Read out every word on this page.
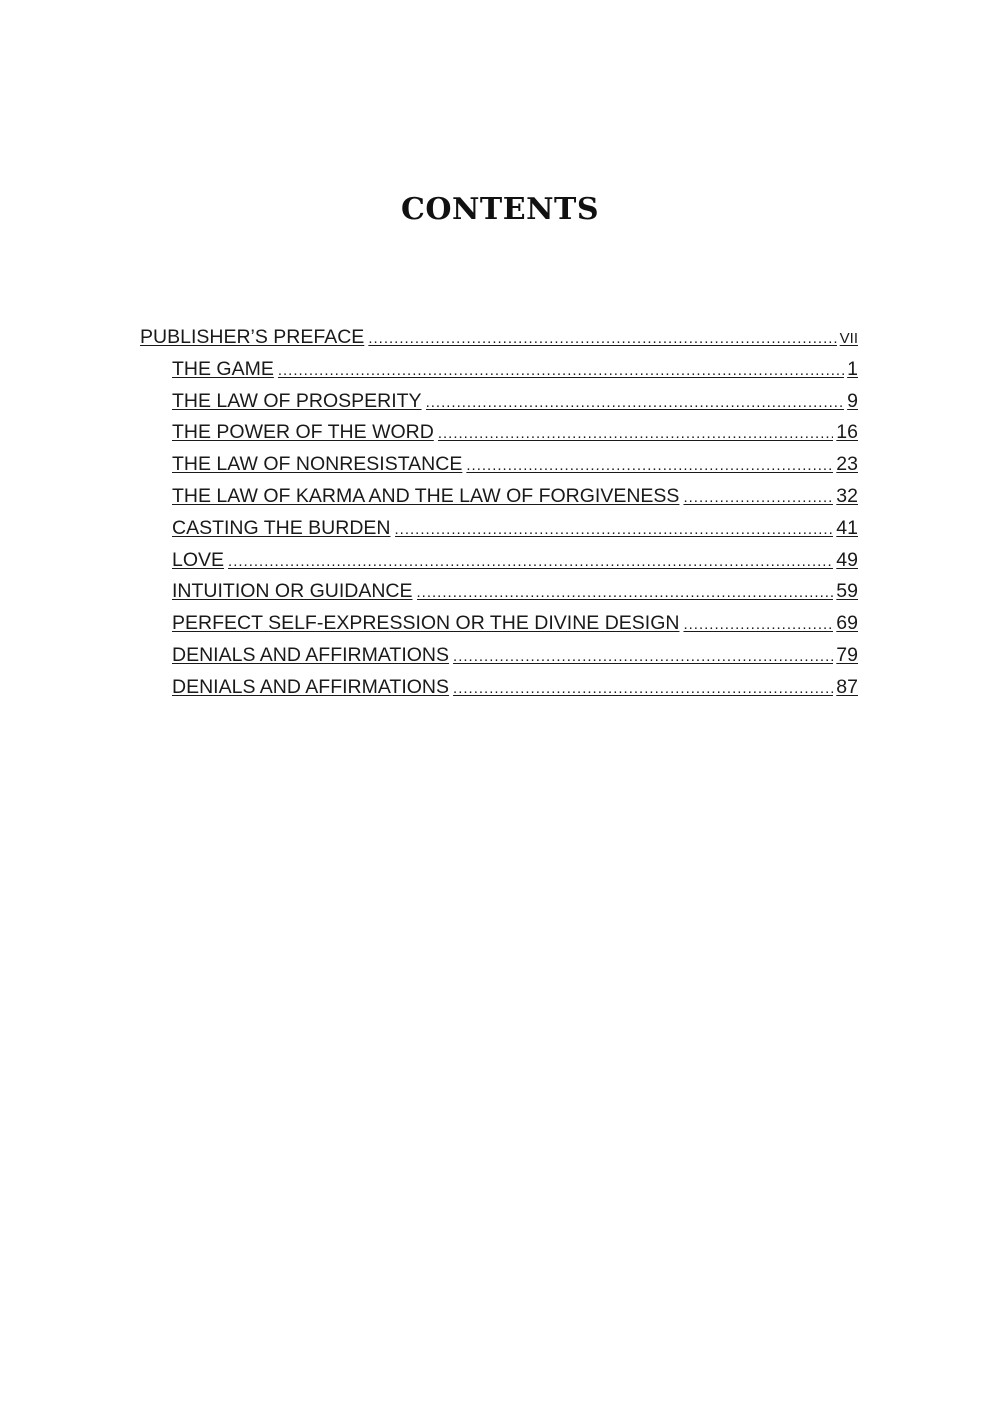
CONTENTS
PUBLISHER’S PREFACE .....	VII
THE GAME .....	1
THE LAW OF PROSPERITY .....	9
THE POWER OF THE WORD .....	16
THE LAW OF NONRESISTANCE .....	23
THE LAW OF KARMA AND THE LAW OF FORGIVENESS .....	32
CASTING THE BURDEN .....	41
LOVE .....	49
INTUITION OR GUIDANCE .....	59
PERFECT SELF-EXPRESSION OR THE DIVINE DESIGN .....	69
DENIALS AND AFFIRMATIONS .....	79
DENIALS AND AFFIRMATIONS .....	87
